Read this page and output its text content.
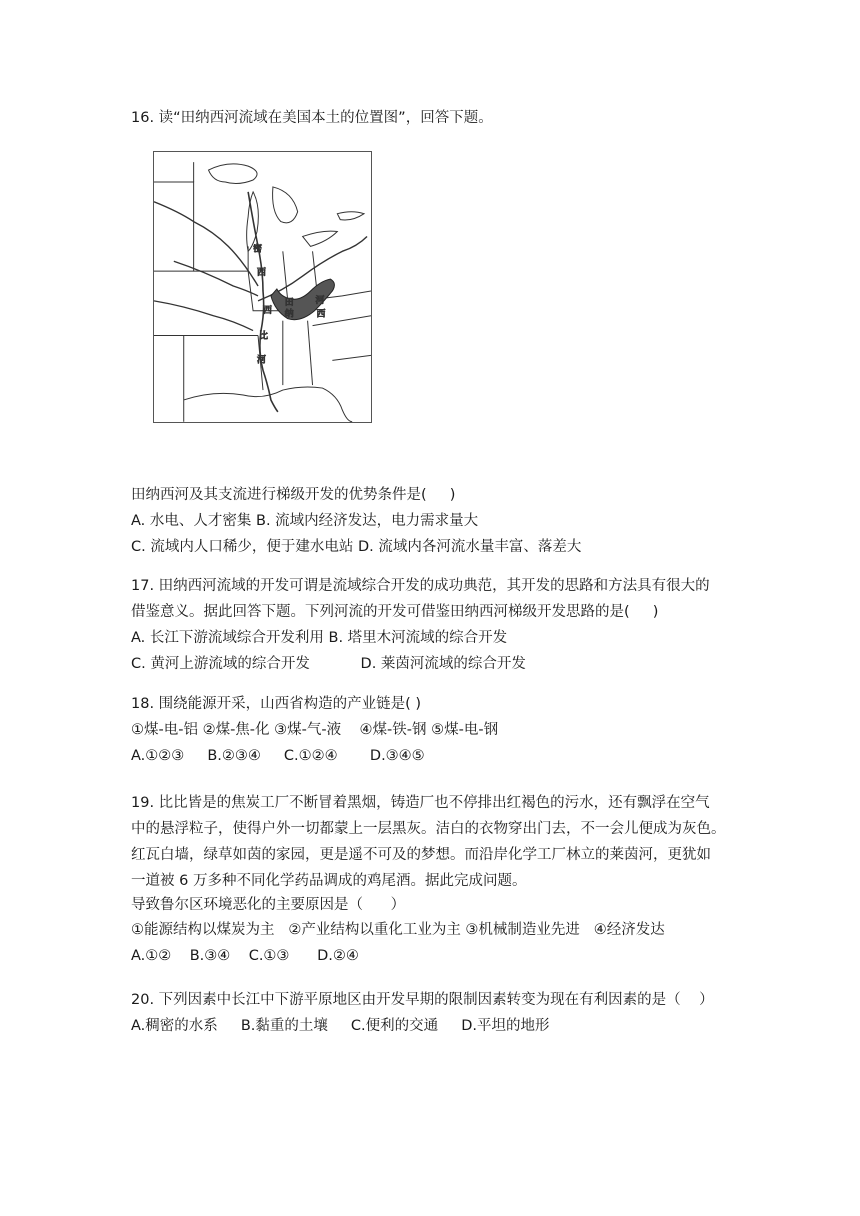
16. 读“田纳西河流域在美国本土的位置图”，回答下题。
密
西
西
比
河
田
纳
河
西
田纳西河及其支流进行梯级开发的优势条件是(     )
A. 水电、人才密集 B. 流域内经济发达，电力需求量大
C. 流域内人口稀少，便于建水电站 D. 流域内各河流水量丰富、落差大
17. 田纳西河流域的开发可谓是流域综合开发的成功典范，其开发的思路和方法具有很大的
借鉴意义。据此回答下题。下列河流的开发可借鉴田纳西河梯级开发思路的是(     )
A. 长江下游流域综合开发利用 B. 塔里木河流域的综合开发
C. 黄河上游流域的综合开发           D. 莱茵河流域的综合开发
18. 围绕能源开采，山西省构造的产业链是( )
①煤-电-铝 ②煤-焦-化 ③煤-气-液    ④煤-铁-钢 ⑤煤-电-钢
A.①②③     B.②③④     C.①②④       D.③④⑤
19. 比比皆是的焦炭工厂不断冒着黑烟，铸造厂也不停排出红褐色的污水，还有飘浮在空气
中的悬浮粒子，使得户外一切都蒙上一层黑灰。洁白的衣物穿出门去，不一会儿便成为灰色。
红瓦白墙，绿草如茵的家园，更是遥不可及的梦想。而沿岸化学工厂林立的莱茵河，更犹如
一道被 6 万多种不同化学药品调成的鸡尾酒。据此完成问题。
导致鲁尔区环境恶化的主要原因是（      ）
①能源结构以煤炭为主   ②产业结构以重化工业为主 ③机械制造业先进   ④经济发达
A.①②    B.③④    C.①③      D.②④
20. 下列因素中长江中下游平原地区由开发早期的限制因素转变为现在有利因素的是（    ）
A.稠密的水系     B.黏重的土壤     C.便利的交通     D.平坦的地形
